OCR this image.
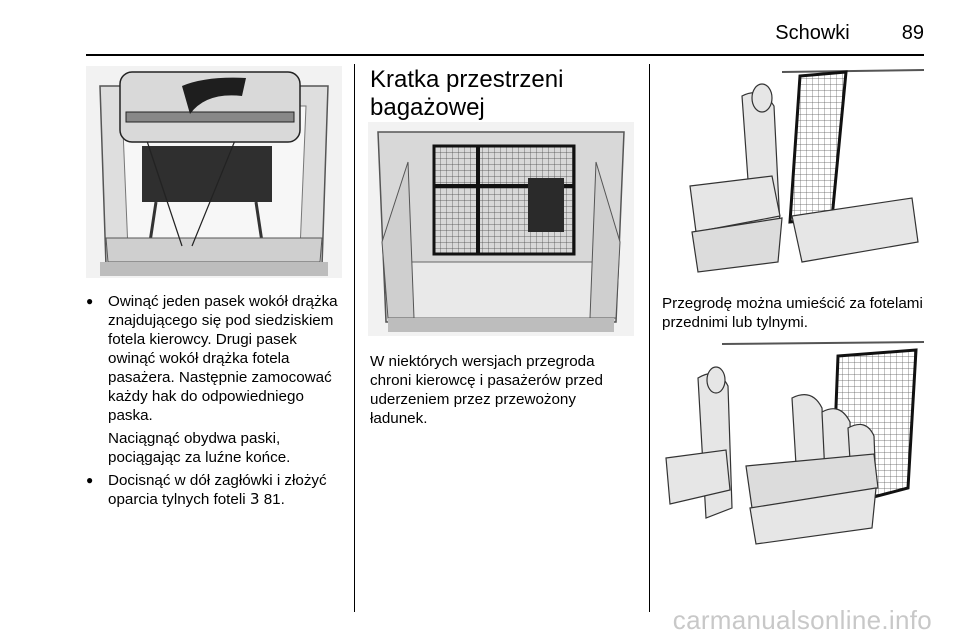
Schowki	89

● Owinąć jeden pasek wokół drążka znajdującego się pod siedziskiem fotela kierowcy. Drugi pasek owinąć wokół drążka fotela pasażera. Następnie zamocować każdy hak do odpowiedniego paska.

Naciągnąć obydwa paski, pociągając za luźne końce.

● Docisnąć w dół zagłówki i złożyć oparcia tylnych foteli 3 81.

Kratka przestrzeni bagażowej

W niektórych wersjach przegroda chroni kierowcę i pasażerów przed uderzeniem przez przewożony ładunek.

Przegrodę można umieścić za fotelami przednimi lub tylnymi.

carmanualsonline.info
